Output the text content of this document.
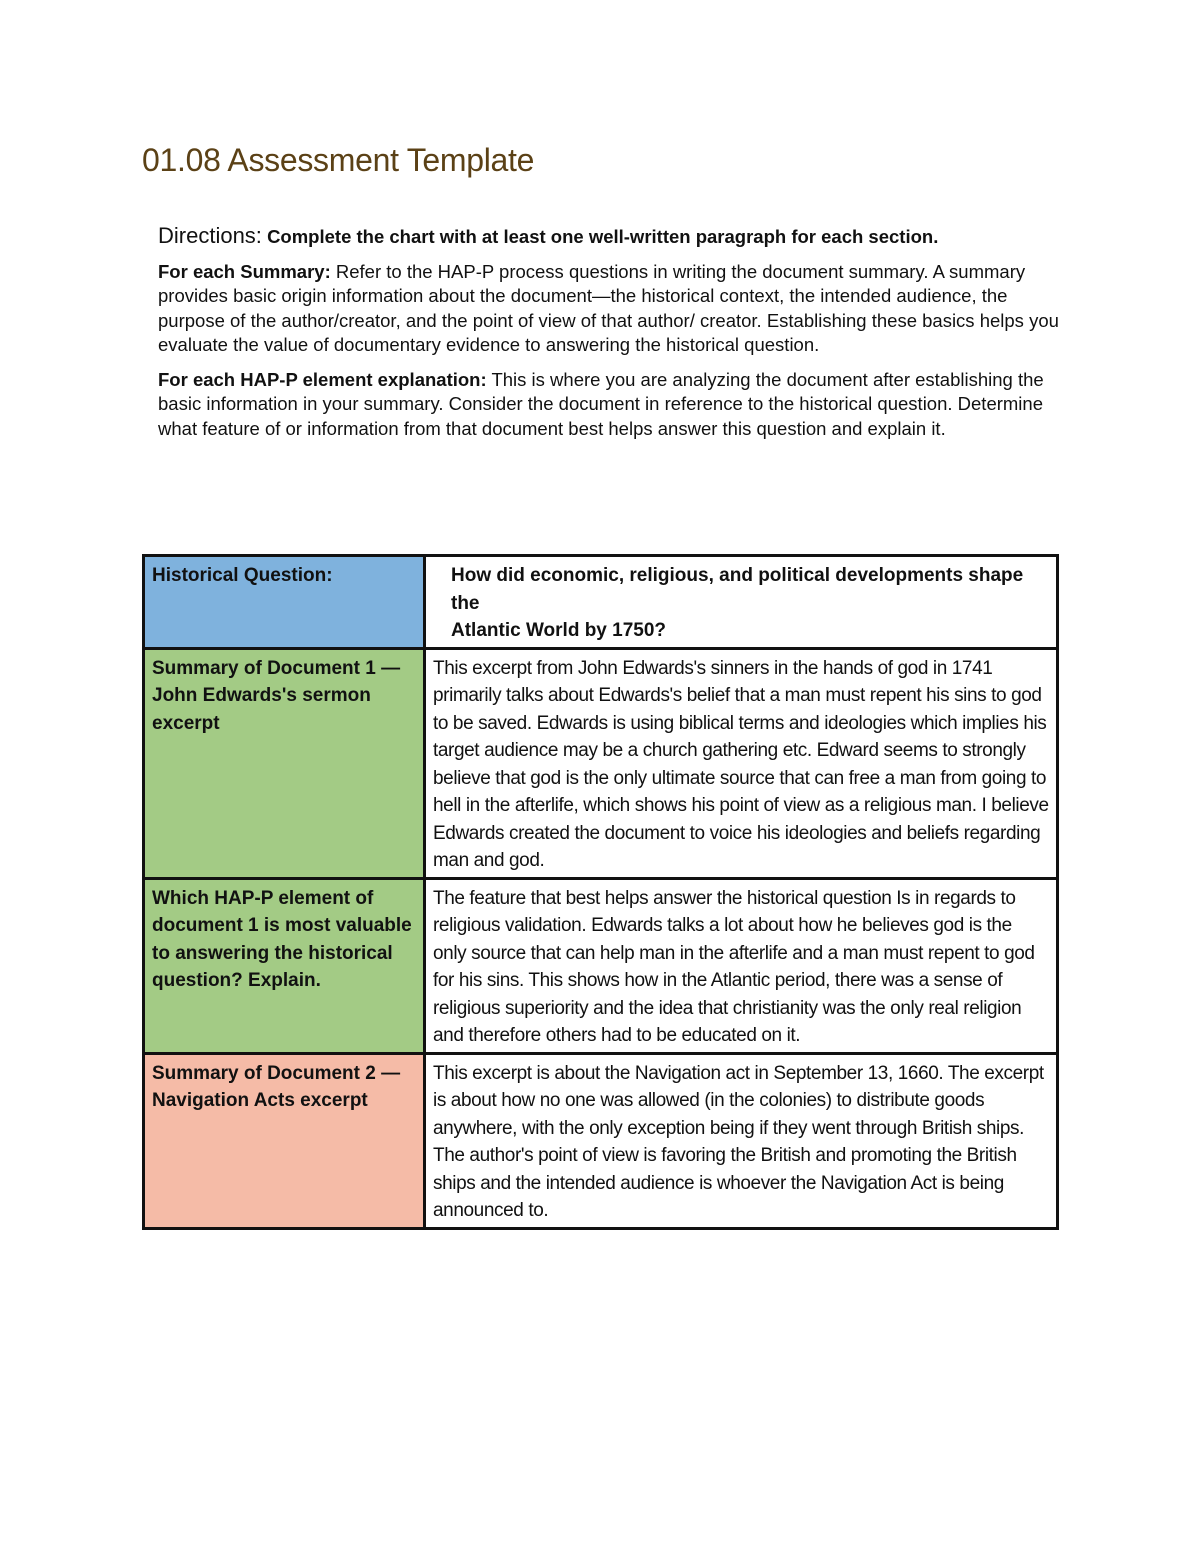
01.08 Assessment Template

Directions: Complete the chart with at least one well-written paragraph for each section.

For each Summary: Refer to the HAP-P process questions in writing the document summary. A summary provides basic origin information about the document—the historical context, the intended audience, the purpose of the author/creator, and the point of view of that author/ creator. Establishing these basics helps you evaluate the value of documentary evidence to answering the historical question.

For each HAP-P element explanation: This is where you are analyzing the document after establishing the basic information in your summary. Consider the document in reference to the historical question. Determine what feature of or information from that document best helps answer this question and explain it.

Historical Question:	How did economic, religious, and political developments shape the
Atlantic World by 1750?

Summary of Document 1 —John Edwards's sermon excerpt	This excerpt from John Edwards's sinners in the hands of god in 1741 primarily talks about Edwards's belief that a man must repent his sins to god to be saved. Edwards is using biblical terms and ideologies which implies his target audience may be a church gathering etc. Edward seems to strongly believe that god is the only ultimate source that can free a man from going to hell in the afterlife, which shows his point of view as a religious man. I believe Edwards created the document to voice his ideologies and beliefs regarding man and god.
Which HAP-P element of document 1 is most valuable to answering the historical question? Explain.	The feature that best helps answer the historical question Is in regards to religious validation. Edwards talks a lot about how he believes god is the only source that can help man in the afterlife and a man must repent to god for his sins. This shows how in the Atlantic period, there was a sense of religious superiority and the idea that christianity was the only real religion and therefore others had to be educated on it.
Summary of Document 2 —Navigation Acts excerpt	This excerpt is about the Navigation act in September 13, 1660. The excerpt is about how no one was allowed (in the colonies) to distribute goods anywhere, with the only exception being if they went through British ships. The author's point of view is favoring the British and promoting the British ships and the intended audience is whoever the Navigation Act is being announced to.
